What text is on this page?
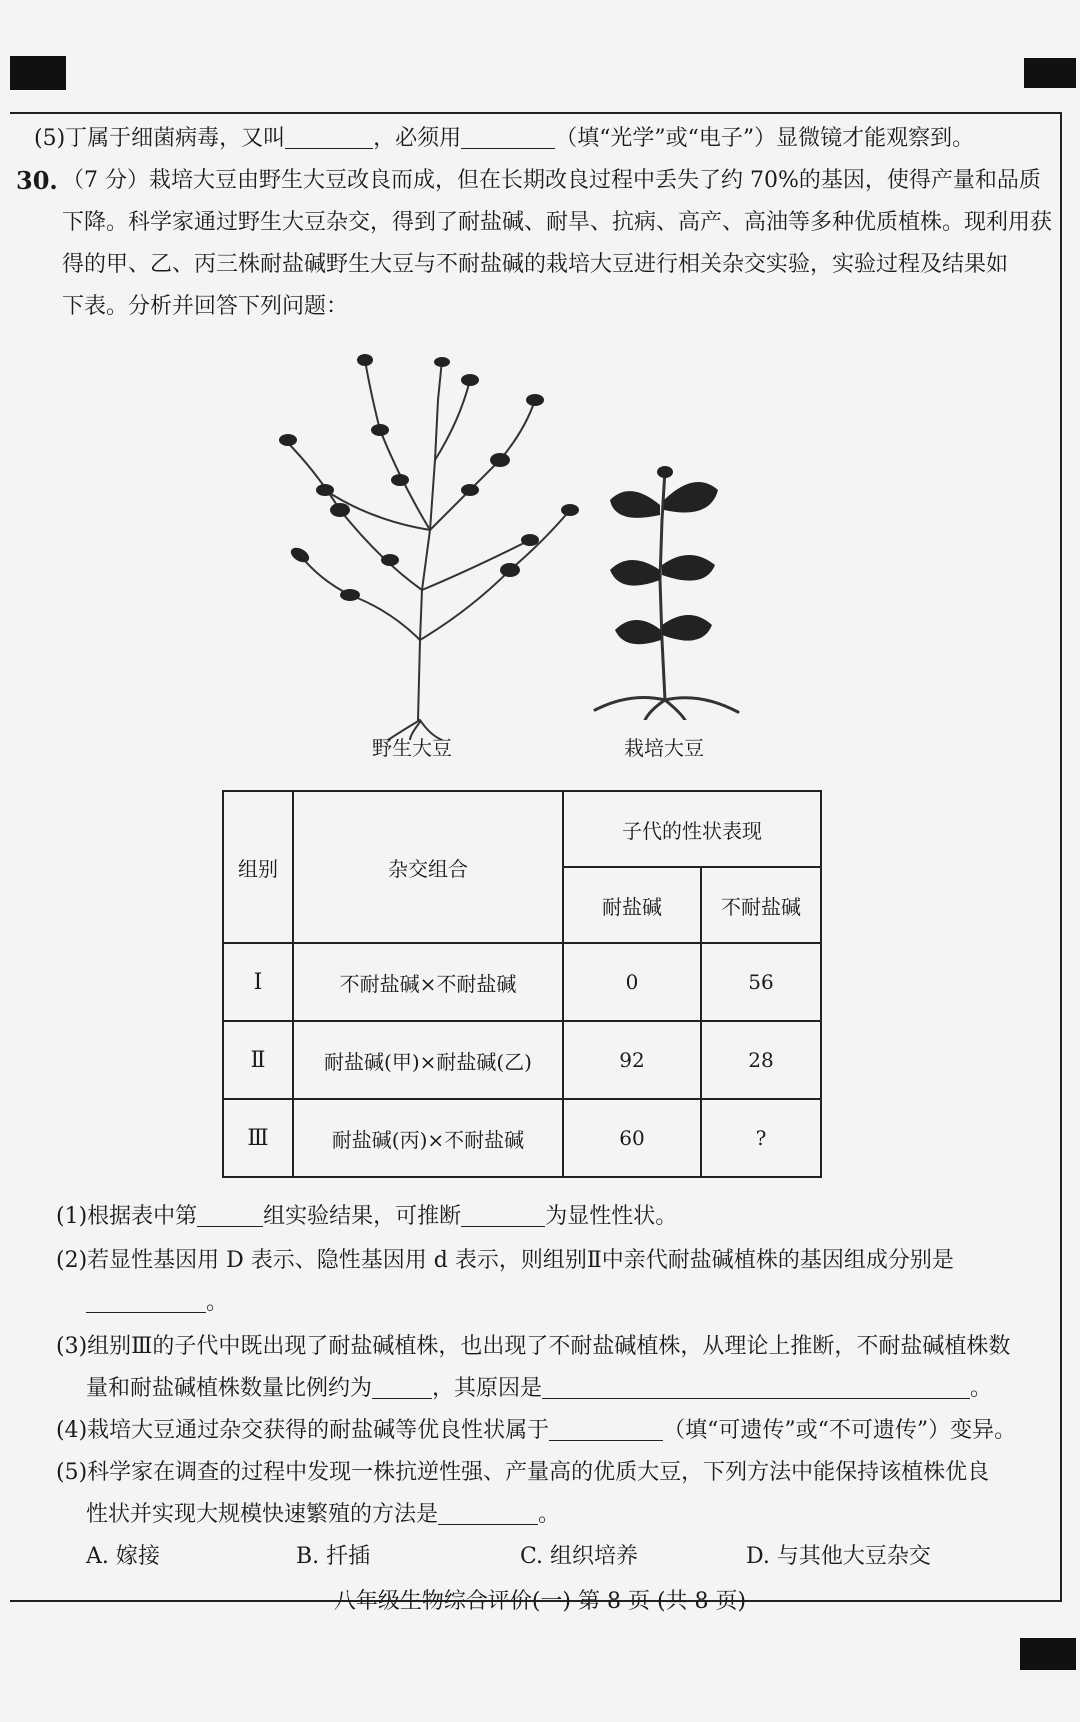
(5)丁属于细菌病毒，又叫	，必须用	（填“光学”或“电子”）显微镜才能观察到。
30. （7 分）栽培大豆由野生大豆改良而成，但在长期改良过程中丢失了约 70%的基因，使得产量和品质
下降。科学家通过野生大豆杂交，得到了耐盐碱、耐旱、抗病、高产、高油等多种优质植株。现利用获
得的甲、乙、丙三株耐盐碱野生大豆与不耐盐碱的栽培大豆进行相关杂交实验，实验过程及结果如
下表。分析并回答下列问题：
野生大豆	栽培大豆
组别	杂交组合	子代的性状表现	
		耐盐碱	不耐盐碱
Ⅰ	不耐盐碱×不耐盐碱	0	56
Ⅱ	耐盐碱(甲)×耐盐碱(乙)	92	28
Ⅲ	耐盐碱(丙)×不耐盐碱	60	?
(1)根据表中第	组实验结果，可推断	为显性性状。
(2)若显性基因用 D 表示、隐性基因用 d 表示，则组别Ⅱ中亲代耐盐碱植株的基因组成分别是
。
(3)组别Ⅲ的子代中既出现了耐盐碱植株，也出现了不耐盐碱植株，从理论上推断，不耐盐碱植株数
量和耐盐碱植株数量比例约为	，其原因是	。
(4)栽培大豆通过杂交获得的耐盐碱等优良性状属于	（填“可遗传”或“不可遗传”）变异。
(5)科学家在调查的过程中发现一株抗逆性强、产量高的优质大豆，下列方法中能保持该植株优良
性状并实现大规模快速繁殖的方法是	。
A. 嫁接	B. 扦插	C. 组织培养	D. 与其他大豆杂交
八年级生物综合评价(一) 第 8 页 (共 8 页)
